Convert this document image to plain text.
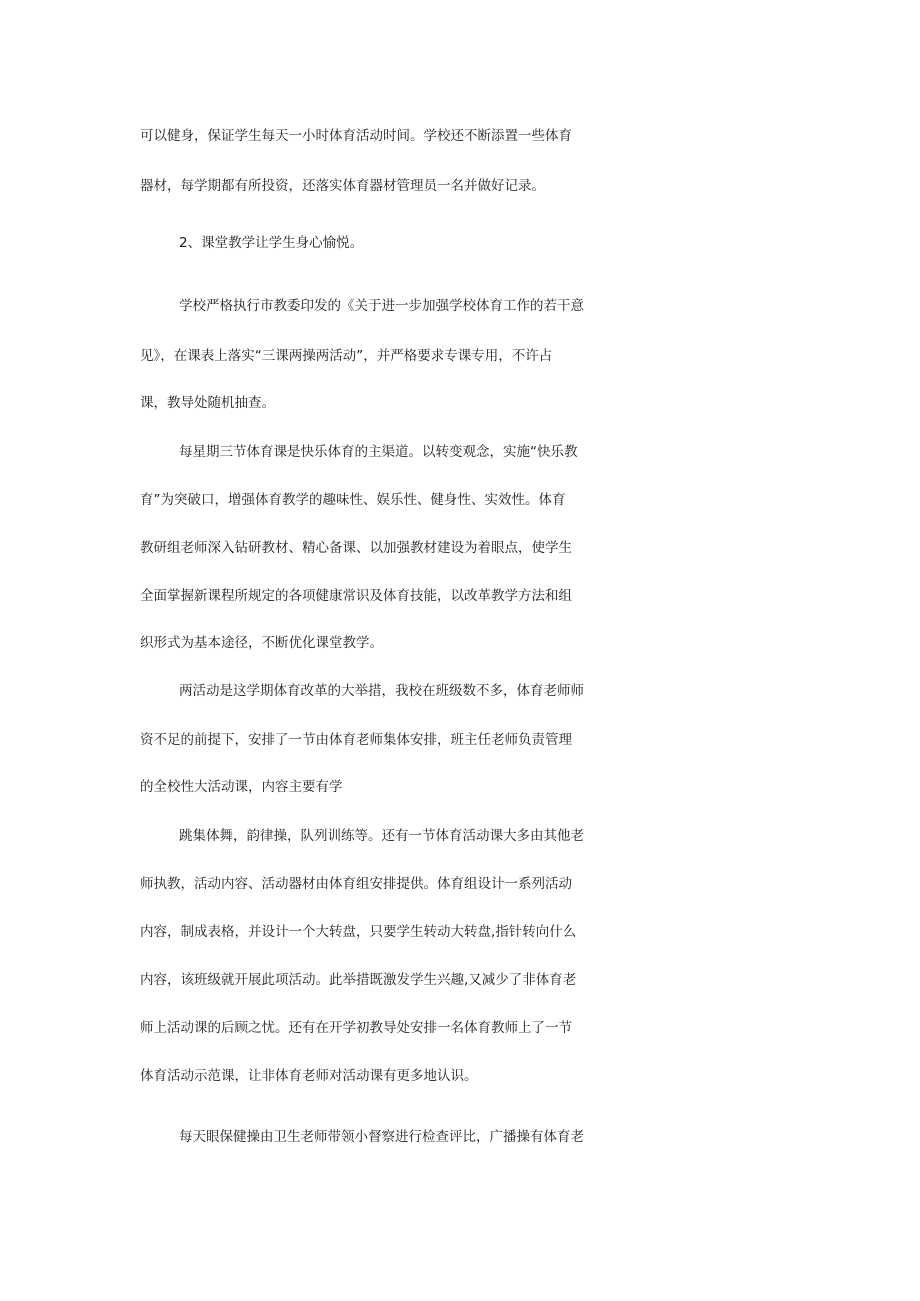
可以健身，保证学生每天一小时体育活动时间。学校还不断添置一些体育
器材，每学期都有所投资，还落实体育器材管理员一名并做好记录。
2、课堂教学让学生身心愉悦。
学校严格执行市教委印发的《关于进一步加强学校体育工作的若干意
见》，在课表上落实“三课两操两活动”，并严格要求专课专用，不许占
课，教导处随机抽查。
每星期三节体育课是快乐体育的主渠道。以转变观念，实施“快乐教
育”为突破口，增强体育教学的趣味性、娱乐性、健身性、实效性。体育
教研组老师深入钻研教材、精心备课、以加强教材建设为着眼点，使学生
全面掌握新课程所规定的各项健康常识及体育技能，以改革教学方法和组
织形式为基本途径，不断优化课堂教学。
两活动是这学期体育改革的大举措，我校在班级数不多，体育老师师
资不足的前提下，安排了一节由体育老师集体安排，班主任老师负责管理
的全校性大活动课，内容主要有学
跳集体舞，韵律操，队列训练等。还有一节体育活动课大多由其他老
师执教，活动内容、活动器材由体育组安排提供。体育组设计一系列活动
内容，制成表格，并设计一个大转盘，只要学生转动大转盘,指针转向什么
内容，该班级就开展此项活动。此举措既激发学生兴趣,又减少了非体育老
师上活动课的后顾之忧。还有在开学初教导处安排一名体育教师上了一节
体育活动示范课，让非体育老师对活动课有更多地认识。
每天眼保健操由卫生老师带领小督察进行检查评比，广播操有体育老
